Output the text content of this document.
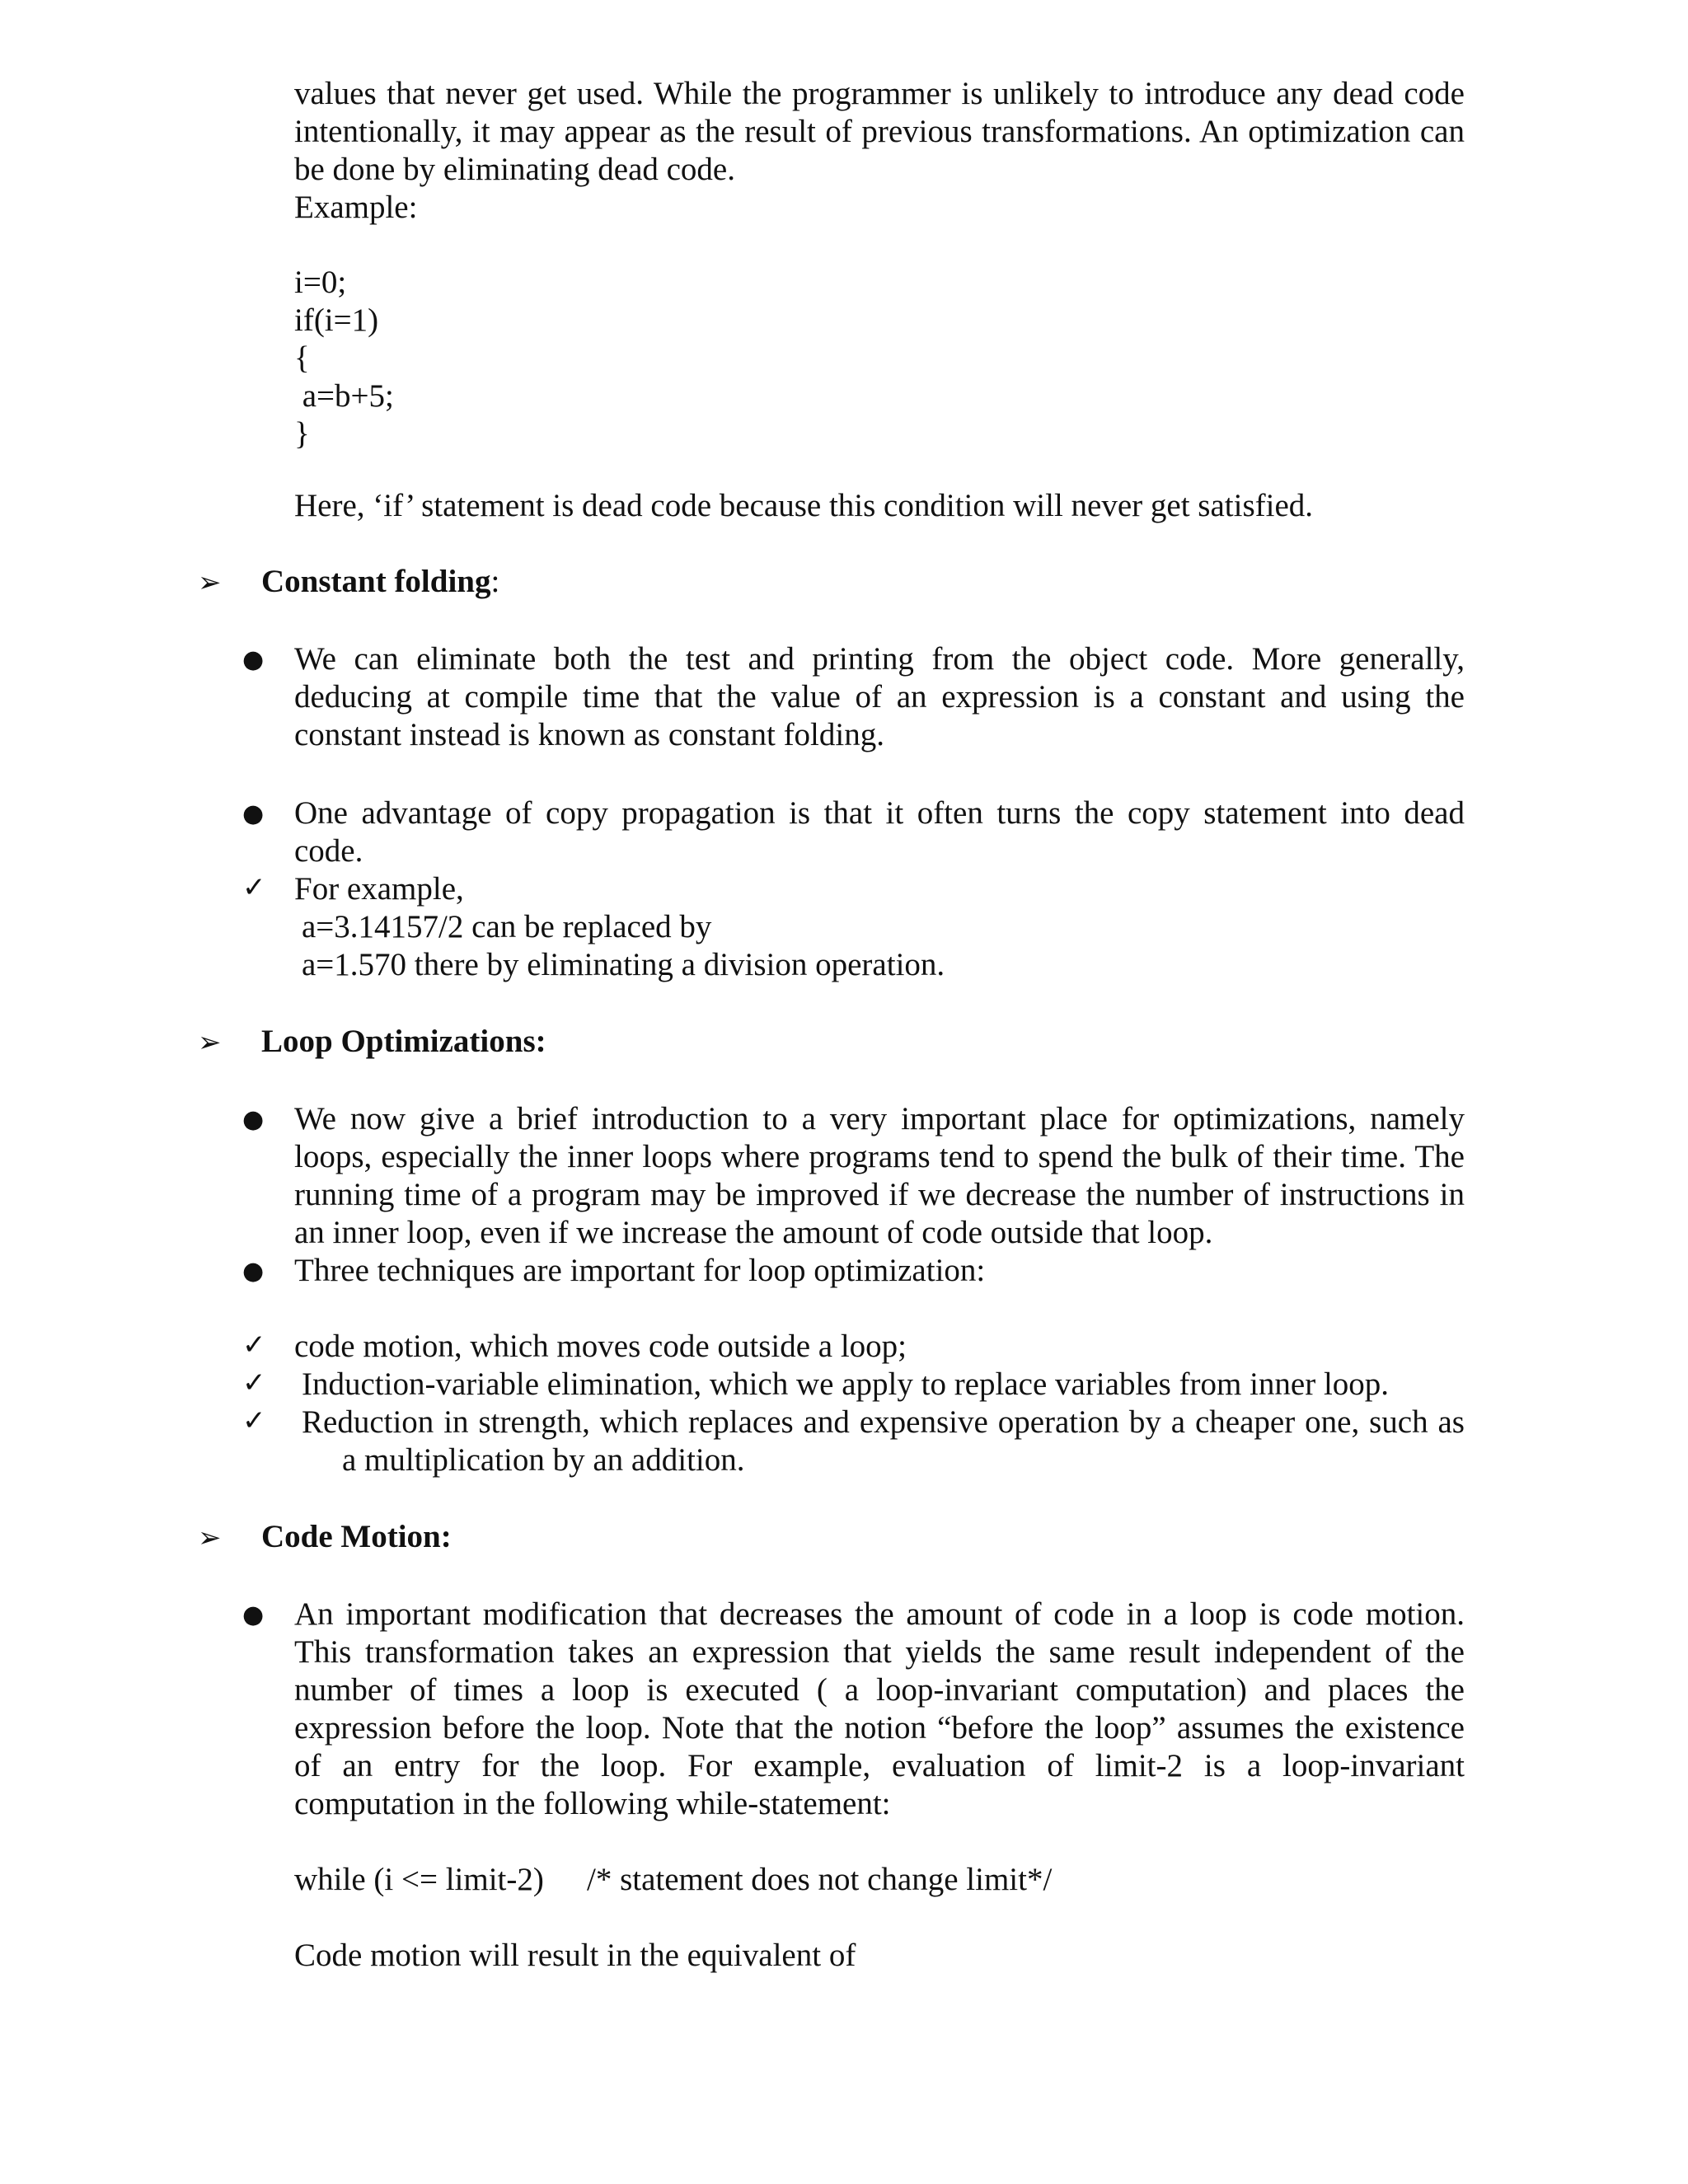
values that never get used. While the programmer is unlikely to introduce any dead code
intentionally, it may appear as the result of previous transformations. An optimization can
be done by eliminating dead code.
Example:
i=0;
if(i=1)
{
a=b+5;
}
Here, ‘if’ statement is dead code because this condition will never get satisfied.
➢ Constant folding:
● We can eliminate both the test and printing from the object code. More generally,
deducing at compile time that the value of an expression is a constant and using the
constant instead is known as constant folding.
● One advantage of copy propagation is that it often turns the copy statement into dead
code.
✓ For example,
a=3.14157/2 can be replaced by
a=1.570 there by eliminating a division operation.
➢ Loop Optimizations:
● We now give a brief introduction to a very important place for optimizations, namely
loops, especially the inner loops where programs tend to spend the bulk of their time. The
running time of a program may be improved if we decrease the number of instructions in
an inner loop, even if we increase the amount of code outside that loop.
● Three techniques are important for loop optimization:
✓ code motion, which moves code outside a loop;
✓ Induction-variable elimination, which we apply to replace variables from inner loop.
✓ Reduction in strength, which replaces and expensive operation by a cheaper one, such as
a multiplication by an addition.
➢ Code Motion:
● An important modification that decreases the amount of code in a loop is code motion.
This transformation takes an expression that yields the same result independent of the
number of times a loop is executed ( a loop-invariant computation) and places the
expression before the loop. Note that the notion “before the loop” assumes the existence
of an entry for the loop. For example, evaluation of limit-2 is a loop-invariant
computation in the following while-statement:
while (i <= limit-2) /* statement does not change limit*/
Code motion will result in the equivalent of
